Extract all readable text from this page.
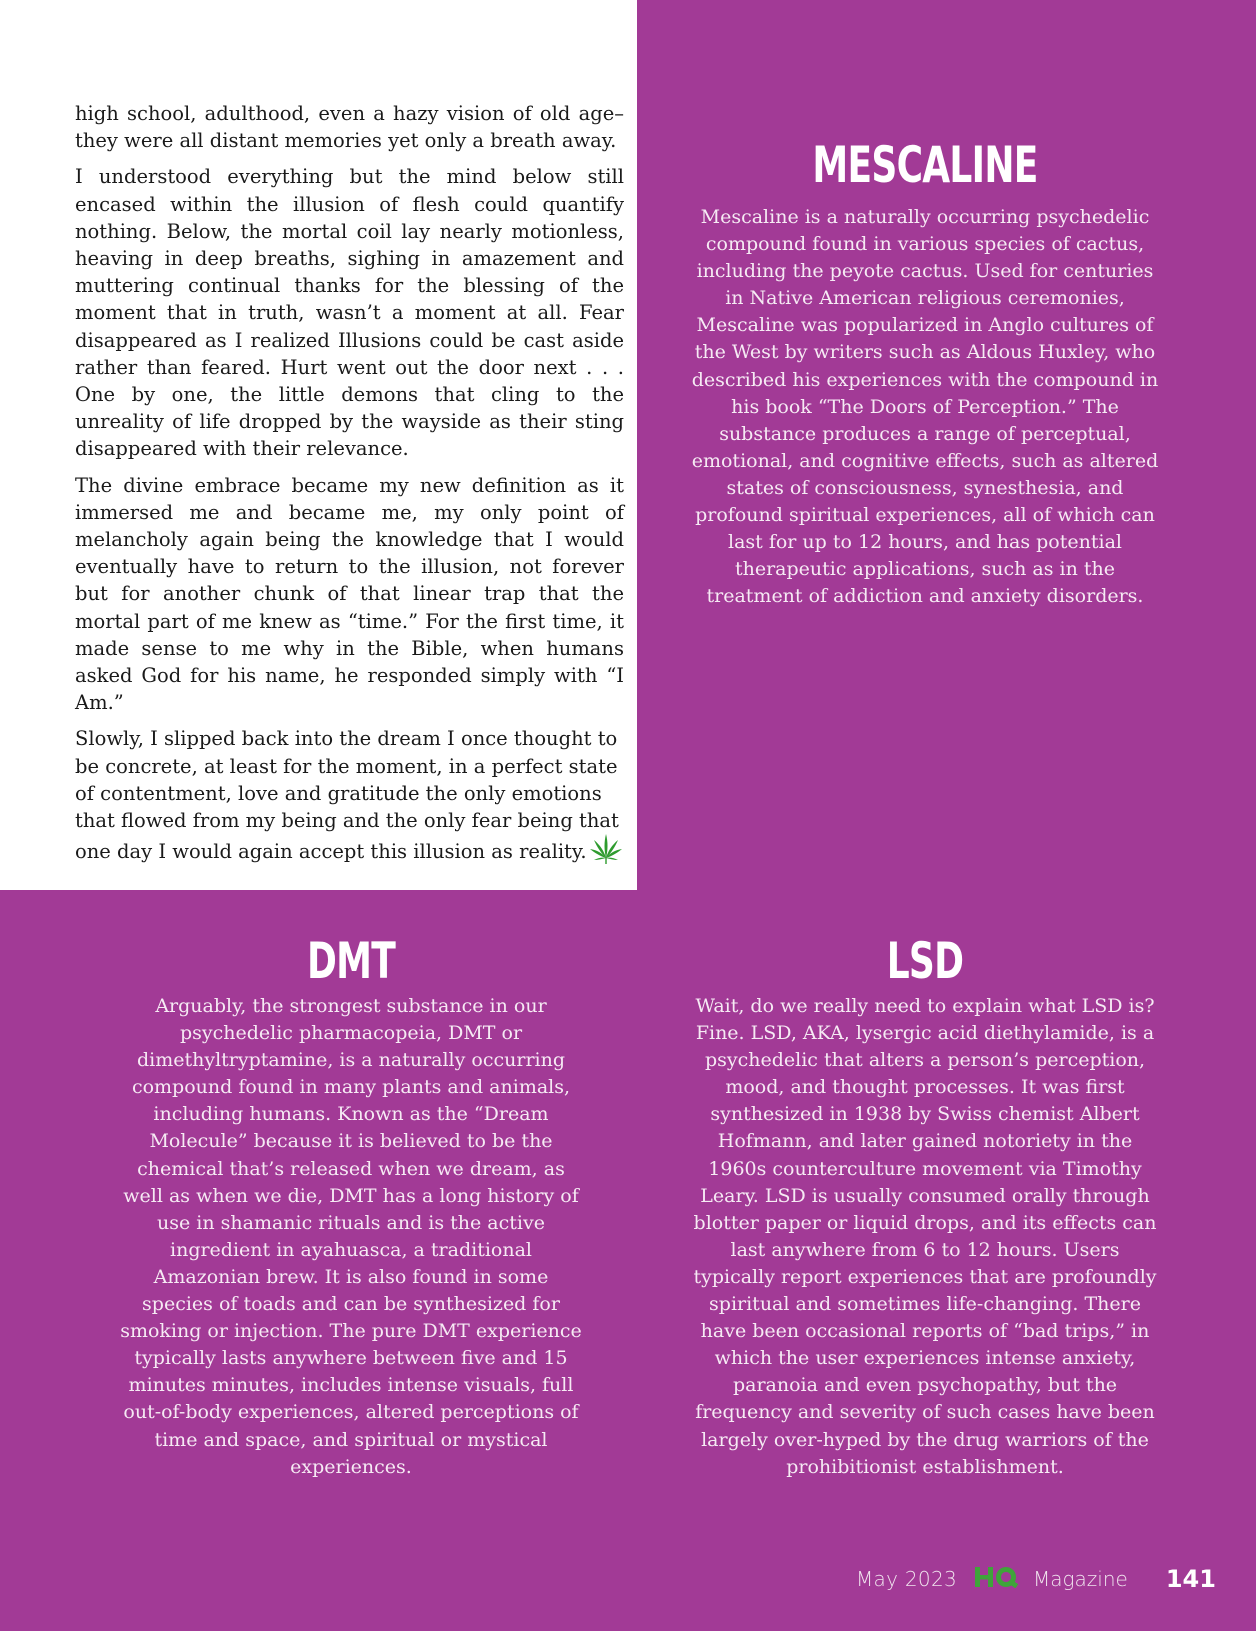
high school, adulthood, even a hazy vision of old age– they were all distant memories yet only a breath away.

I understood everything but the mind below still encased within the illusion of flesh could quantify nothing. Below, the mortal coil lay nearly motionless, heaving in deep breaths, sighing in amazement and muttering continual thanks for the blessing of the moment that in truth, wasn’t a moment at all. Fear disappeared as I realized Illusions could be cast aside rather than feared. Hurt went out the door next . . . One by one, the little demons that cling to the unreality of life dropped by the wayside as their sting disappeared with their relevance.

The divine embrace became my new definition as it immersed me and became me, my only point of melancholy again being the knowledge that I would eventually have to return to the illusion, not forever but for another chunk of that linear trap that the mortal part of me knew as “time.” For the first time, it made sense to me why in the Bible, when humans asked God for his name, he responded simply with “I Am.”

Slowly, I slipped back into the dream I once thought to be concrete, at least for the moment, in a perfect state of contentment, love and gratitude the only emotions that flowed from my being and the only fear being that one day I would again accept this illusion as reality.

MESCALINE
Mescaline is a naturally occurring psychedelic compound found in various species of cactus, including the peyote cactus. Used for centuries in Native American religious ceremonies, Mescaline was popularized in Anglo cultures of the West by writers such as Aldous Huxley, who described his experiences with the compound in his book “The Doors of Perception.” The substance produces a range of perceptual, emotional, and cognitive effects, such as altered states of consciousness, synesthesia, and profound spiritual experiences, all of which can last for up to 12 hours, and has potential therapeutic applications, such as in the treatment of addiction and anxiety disorders.
DMT
Arguably, the strongest substance in our psychedelic pharmacopeia, DMT or dimethyltryptamine, is a naturally occurring compound found in many plants and animals, including humans. Known as the “Dream Molecule” because it is believed to be the chemical that’s released when we dream, as well as when we die, DMT has a long history of use in shamanic rituals and is the active ingredient in ayahuasca, a traditional Amazonian brew. It is also found in some species of toads and can be synthesized for smoking or injection. The pure DMT experience typically lasts anywhere between five and 15 minutes minutes, includes intense visuals, full out-of-body experiences, altered perceptions of time and space, and spiritual or mystical experiences.
LSD
Wait, do we really need to explain what LSD is? Fine. LSD, AKA, lysergic acid diethylamide, is a psychedelic that alters a person’s perception, mood, and thought processes. It was first synthesized in 1938 by Swiss chemist Albert Hofmann, and later gained notoriety in the 1960s counterculture movement via Timothy Leary. LSD is usually consumed orally through blotter paper or liquid drops, and its effects can last anywhere from 6 to 12 hours. Users typically report experiences that are profoundly spiritual and sometimes life-changing. There have been occasional reports of “bad trips,” in which the user experiences intense anxiety, paranoia and even psychopathy, but the frequency and severity of such cases have been largely over-hyped by the drug warriors of the prohibitionist establishment.
May 2023	Magazine 141
